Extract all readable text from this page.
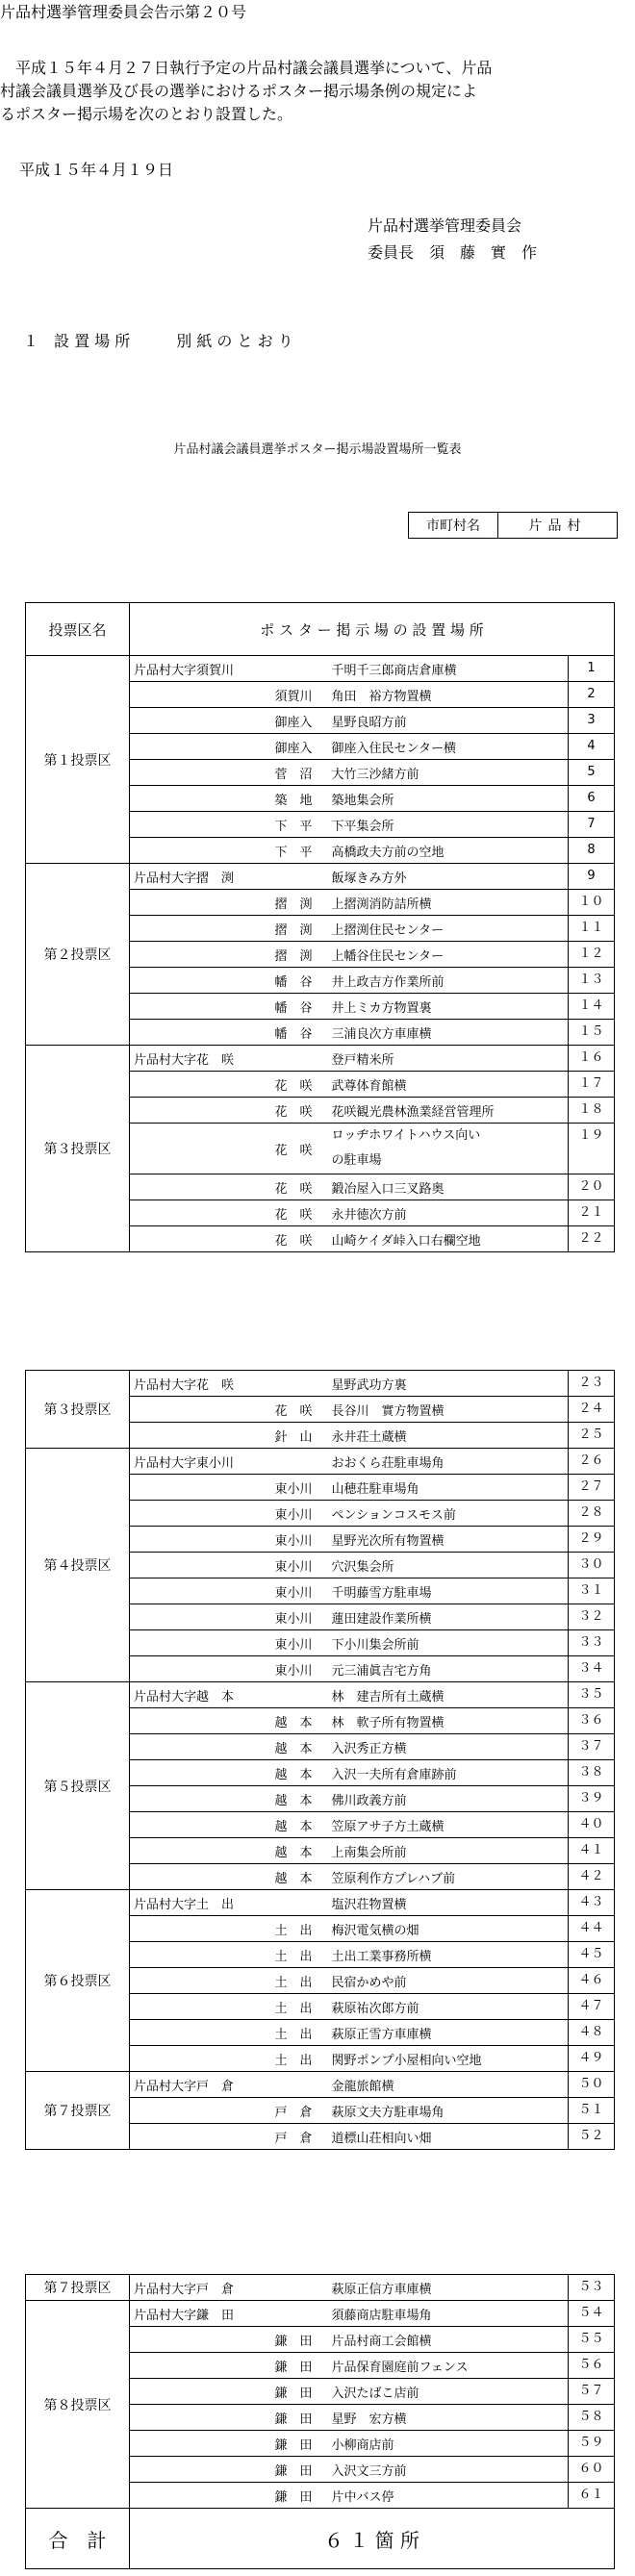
片品村選挙管理委員会告示第２０号
　平成１５年４月２７日執行予定の片品村議会議員選挙について、片品
村議会議員選挙及び長の選挙におけるポスター掲示場条例の規定によ
るポスター掲示場を次のとおり設置した。
平成１５年４月１９日
片品村選挙管理委員会
委員長　須　藤　實　作
１　設 置 場 所　　　別 紙 の と お り
片品村議会議員選挙ポスター掲示場設置場所一覧表
市町村名	片品村
投票区名	ポ ス タ ー 掲 示 場 の 設 置 場 所		
第１投票区	片品村大字須賀川	千明千三郎商店倉庫横	1
	須賀川	角田　裕方物置横	2
	御座入	星野良昭方前	3
	御座入	御座入住民センター横	4
	菅　沼	大竹三沙緒方前	5
	築　地	築地集会所	6
	下　平	下平集会所	7
	下　平	高橋政夫方前の空地	8
第２投票区	片品村大字摺　渕	飯塚きみ方外	9
	摺　渕	上摺渕消防詰所横	１０
	摺　渕	上摺渕住民センター	１１
	摺　渕	上幡谷住民センター	１２
	幡　谷	井上政吉方作業所前	１３
	幡　谷	井上ミカ方物置裏	１４
	幡　谷	三浦良次方車庫横	１５
第３投票区	片品村大字花　咲	登戸精米所	１６
	花　咲	武尊体育館横	１７
	花　咲	花咲観光農林漁業経営管理所	１８
	花　咲	ロッヂホワイトハウス向い
の駐車場	１９
	花　咲	鍛冶屋入口三叉路奥	２０
	花　咲	永井徳次方前	２１
	花　咲	山崎ケイダ峠入口右欄空地	２２
第３投票区	片品村大字花　咲	星野武功方裏	２３
	花　咲	長谷川　實方物置横	２４
	針　山	永井荘土蔵横	２５
第４投票区	片品村大字東小川	おおくら荘駐車場角	２６
	東小川	山穂荘駐車場角	２７
	東小川	ペンションコスモス前	２８
	東小川	星野光次所有物置横	２９
	東小川	穴沢集会所	３０
	東小川	千明藤雪方駐車場	３１
	東小川	蓮田建設作業所横	３２
	東小川	下小川集会所前	３３
	東小川	元三浦眞吉宅方角	３４
第５投票区	片品村大字越　本	林　建吉所有土蔵横	３５
	越　本	林　軟子所有物置横	３６
	越　本	入沢秀正方横	３７
	越　本	入沢一夫所有倉庫跡前	３８
	越　本	佛川政義方前	３９
	越　本	笠原アサ子方土蔵横	４０
	越　本	上南集会所前	４１
	越　本	笠原利作方プレハブ前	４２
第６投票区	片品村大字土　出	塩沢荘物置横	４３
	土　出	梅沢電気横の畑	４４
	土　出	土出工業事務所横	４５
	土　出	民宿かめや前	４６
	土　出	萩原祐次郎方前	４７
	土　出	萩原正雪方車庫横	４８
	土　出	関野ポンプ小屋相向い空地	４９
第７投票区	片品村大字戸　倉	金龍旅館横	５０
	戸　倉	萩原文夫方駐車場角	５１
	戸　倉	道標山荘相向い畑	５２
第７投票区	片品村大字戸　倉	萩原正信方車庫横	５３
第８投票区	片品村大字鎌　田	須藤商店駐車場角	５４
	鎌　田	片品村商工会館横	５５
	鎌　田	片品保育園庭前フェンス	５６
	鎌　田	入沢たばこ店前	５７
	鎌　田	星野　宏方横	５８
	鎌　田	小柳商店前	５９
	鎌　田	入沢文三方前	６０
	鎌　田	片中バス停	６１
合　計	６ １ 箇 所		
